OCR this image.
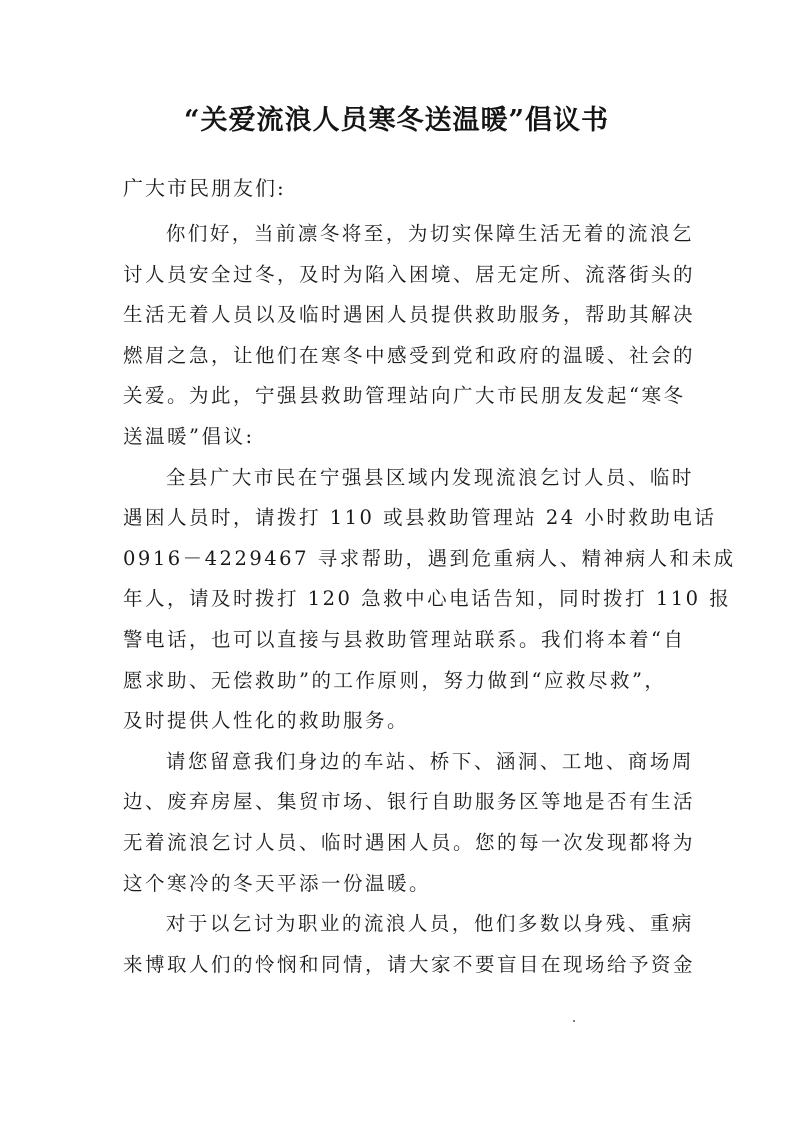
“关爱流浪人员寒冬送温暖”倡议书
广大市民朋友们:

你们好，当前凛冬将至，为切实保障生活无着的流浪乞
讨人员安全过冬，及时为陷入困境、居无定所、流落街头的
生活无着人员以及临时遇困人员提供救助服务，帮助其解决
燃眉之急，让他们在寒冬中感受到党和政府的温暖、社会的
关爱。为此，宁强县救助管理站向广大市民朋友发起“寒冬
送温暖”倡议:

全县广大市民在宁强县区域内发现流浪乞讨人员、临时
遇困人员时，请拨打 110 或县救助管理站 24 小时救助电话
0916－4229467 寻求帮助，遇到危重病人、精神病人和未成
年人，请及时拨打 120 急救中心电话告知，同时拨打 110 报
警电话，也可以直接与县救助管理站联系。我们将本着“自
愿求助、无偿救助”的工作原则，努力做到“应救尽救”，
及时提供人性化的救助服务。

请您留意我们身边的车站、桥下、涵洞、工地、商场周
边、废弃房屋、集贸市场、银行自助服务区等地是否有生活
无着流浪乞讨人员、临时遇困人员。您的每一次发现都将为
这个寒冷的冬天平添一份温暖。

对于以乞讨为职业的流浪人员，他们多数以身残、重病
来博取人们的怜悯和同情，请大家不要盲目在现场给予资金
